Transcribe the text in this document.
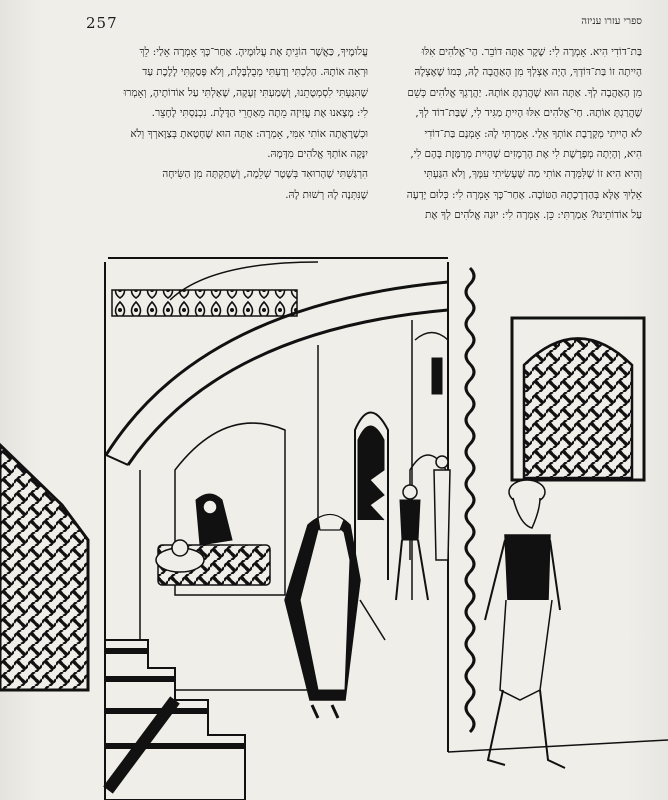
257	ספרי עזרו עניזה
בַּת־דוֹדִי הִיא. אָמְרָה לִי: שֶׁקֶר אַתָּה דוֹבֵר. הַי־אֱלֹהִים אִלּוּ
הָיִיתָה זוֹ בַּת־דּוֹדְךָ, הָיָה אֶצְלְךָ מִן הָאַהֲבָה לָהּ, כְּמוֹ שֶׁאֶצְלָהּ
מִן הָאַהֲבָה לְךָ. אַתָּה הוּא שֶׁהֲרַגְתָּ אוֹתָהּ. יַהֲרָגְךָ אֱלֹהִים כְּשֵׁם
שֶׁהֲרַגְתָּ אוֹתָהּ. חַי־אֱלֹהִים אִלּוּ הָיִיתָ מַגִּיד לִי, שֶׁבַּת־דוֹד לְךָ,
לֹא הָיִיתִי מְקָרֶבֶת אוֹתְךָ אֵלַי. אָמַרְתִּי לָהּ: אָמְנָם בַּת־דוֹדִי
הִיא, וְהָיְתָה מְפָרֶשֶׁת לִי אֶת הָרְמָזִים שֶׁהָיִית מְרַמֶּזֶת בָּהֶם לִי,
וְהִיא הִיא זוֹ שֶׁלִּמְּדָה אוֹתִי מַה שֶּׁעָשִׂיתִי עִמָּךְ, וְלֹא הִגַּעְתִּי
אֵלַיִךְ אֶלָּא בְּהַדְרָכָתָהּ הַטּוֹבָה. אַחַר־כָּךְ אָמְרָה לִי: כְּלוּם יָדְעָה
עַל אוֹדוֹתֵינוּ? אָמַרְתִּי: כֵּן. אָמְרָה לִי: יוּגַה אֱלֹהִים לְךָ אֶת
עֲלוּמֶיךָ, כַּאֲשֶׁר הוֹגֵיתָ אֶת עֲלוּמֶיהָ. אַחַר־כָּךְ אָמְרָה אֵלַי: לֵךְ
וּרְאֵה אוֹתָהּ. הָלַכְתִּי וְדַעְתִּי מְבֻלְבֶּלֶת, וְלֹא פָּסַקְתִּי לָלֶכֶת עַד
שֶׁהִגַּעְתִּי לִסְמְטָתֵנוּ, וְשָׁמַעְתִּי זְעָקָה, שָׁאַלְתִּי עַל אוֹדוֹתֶיהָ, וְאָמְרוּ
לִי: מָצָאנוּ אֶת עֲזִיזָה מֵתָה מֵאַחֲרֵי הַדֶּלֶת. נִכְנַסְתִּי לֶחָצֵר.
וּכְשֶׁרָאֲתָה אוֹתִי אִמִּי, אָמְרָה: אַתָּה הוּא שֶׁחָטָאתָ בְּצַוָּארְךָ וְלֹא
יִנָּקֶה אוֹתְךָ אֱלֹהִים מִדָּמָהּ.
הִרְגַּשְׁתִּי שֶׁהָרוּאִד בְּשֶׁטֶר שְׁלֵמָה, וְשָׁתַקְתָּה מִן הַשִּׂיחָה
שֶׁנִּתְּנָה לָהּ רְשׁוּת לָהּ.
